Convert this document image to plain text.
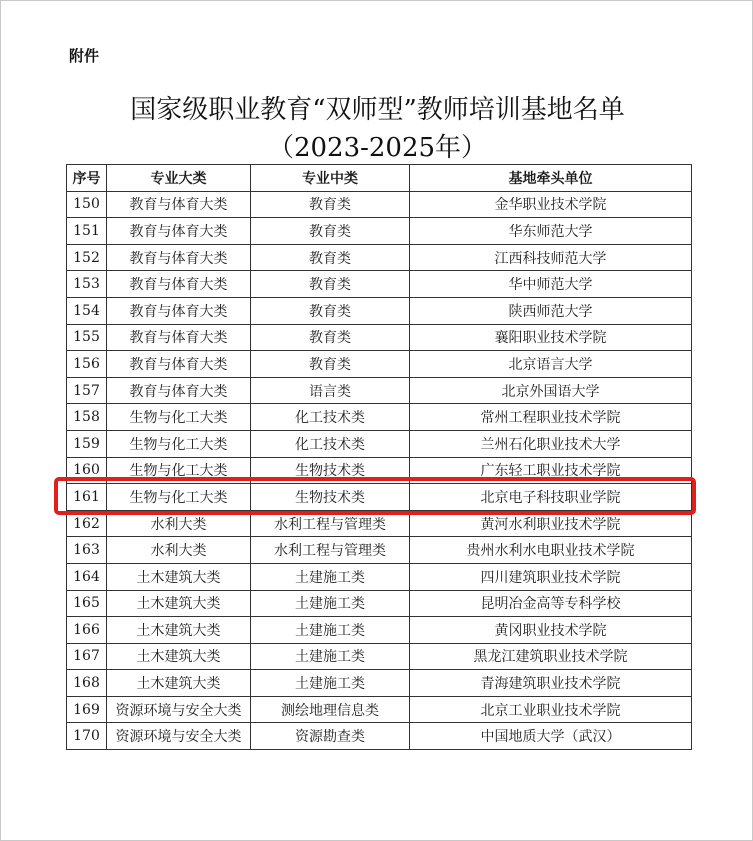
附件
国家级职业教育“双师型”教师培训基地名单
（2023-2025年）
序号	专业大类	专业中类	基地牵头单位
150	教育与体育大类	教育类	金华职业技术学院
151	教育与体育大类	教育类	华东师范大学
152	教育与体育大类	教育类	江西科技师范大学
153	教育与体育大类	教育类	华中师范大学
154	教育与体育大类	教育类	陕西师范大学
155	教育与体育大类	教育类	襄阳职业技术学院
156	教育与体育大类	教育类	北京语言大学
157	教育与体育大类	语言类	北京外国语大学
158	生物与化工大类	化工技术类	常州工程职业技术学院
159	生物与化工大类	化工技术类	兰州石化职业技术大学
160	生物与化工大类	生物技术类	广东轻工职业技术学院
161	生物与化工大类	生物技术类	北京电子科技职业学院
162	水利大类	水利工程与管理类	黄河水利职业技术学院
163	水利大类	水利工程与管理类	贵州水利水电职业技术学院
164	土木建筑大类	土建施工类	四川建筑职业技术学院
165	土木建筑大类	土建施工类	昆明冶金高等专科学校
166	土木建筑大类	土建施工类	黄冈职业技术学院
167	土木建筑大类	土建施工类	黑龙江建筑职业技术学院
168	土木建筑大类	土建施工类	青海建筑职业技术学院
169	资源环境与安全大类	测绘地理信息类	北京工业职业技术学院
170	资源环境与安全大类	资源勘查类	中国地质大学（武汉）
